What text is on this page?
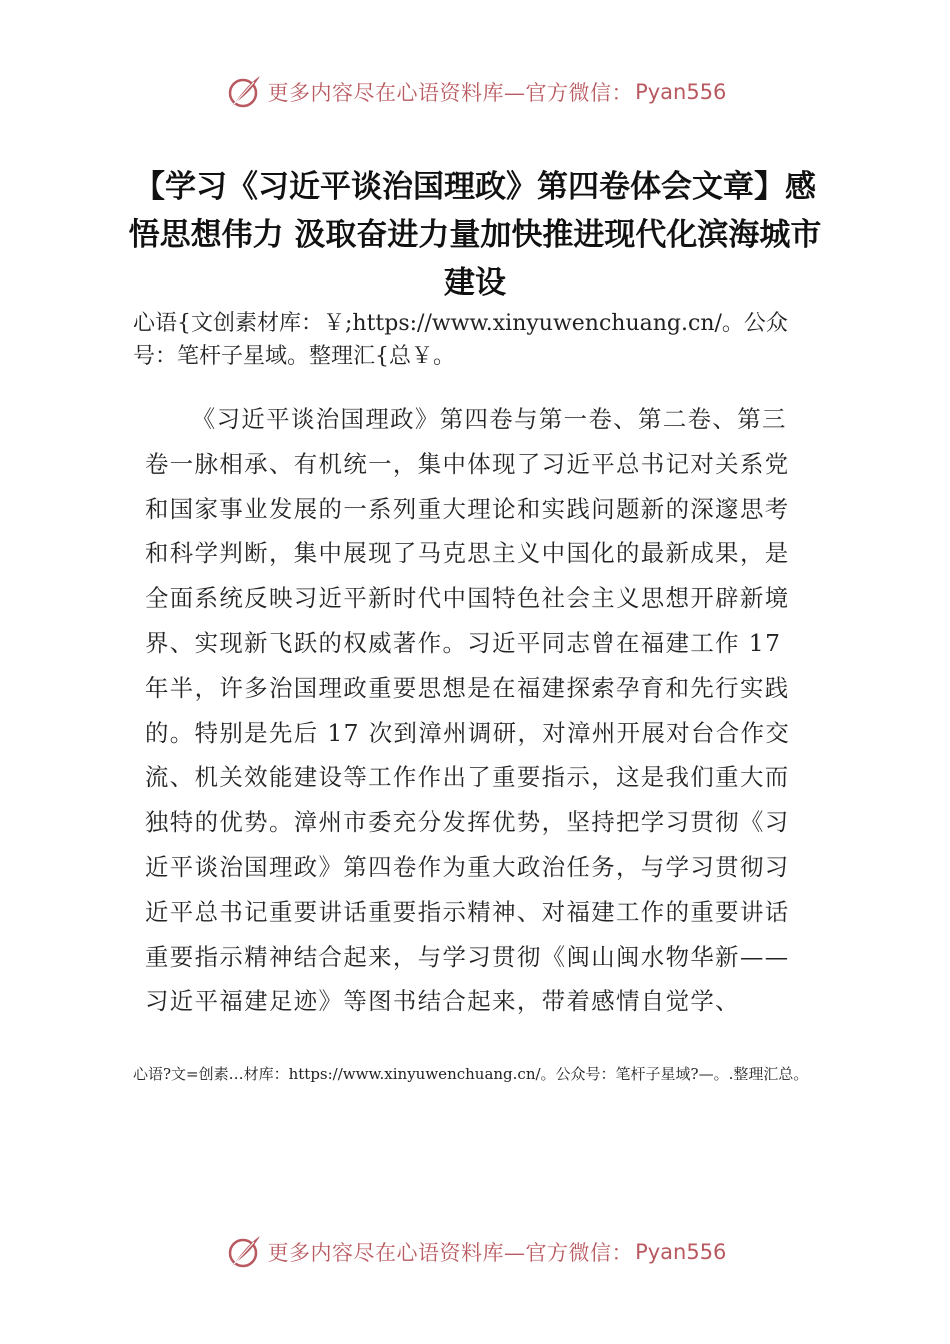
更多内容尽在心语资料库—官方微信： Pyan556
【学习《习近平谈治国理政》第四卷体会文章】感悟思想伟力 汲取奋进力量加快推进现代化滨海城市建设

心语{文创素材库：￥;https://www.xinyuwenchuang.cn/。公众号：笔杆子星域。整理汇{总￥。

《习近平谈治国理政》第四卷与第一卷、第二卷、第三卷一脉相承、有机统一，集中体现了习近平总书记对关系党和国家事业发展的一系列重大理论和实践问题新的深邃思考和科学判断，集中展现了马克思主义中国化的最新成果，是全面系统反映习近平新时代中国特色社会主义思想开辟新境界、实现新飞跃的权威著作。习近平同志曾在福建工作 17 年半，许多治国理政重要思想是在福建探索孕育和先行实践的。特别是先后 17 次到漳州调研，对漳州开展对台合作交流、机关效能建设等工作作出了重要指示，这是我们重大而独特的优势。漳州市委充分发挥优势，坚持把学习贯彻《习近平谈治国理政》第四卷作为重大政治任务，与学习贯彻习近平总书记重要讲话重要指示精神、对福建工作的重要讲话重要指示精神结合起来，与学习贯彻《闽山闽水物华新——习近平福建足迹》等图书结合起来，带着感情自觉学、

心语?文=创素…材库：https://www.xinyuwenchuang.cn/。公众号：笔杆子星域?—。.整理汇总。

更多内容尽在心语资料库—官方微信： Pyan556
